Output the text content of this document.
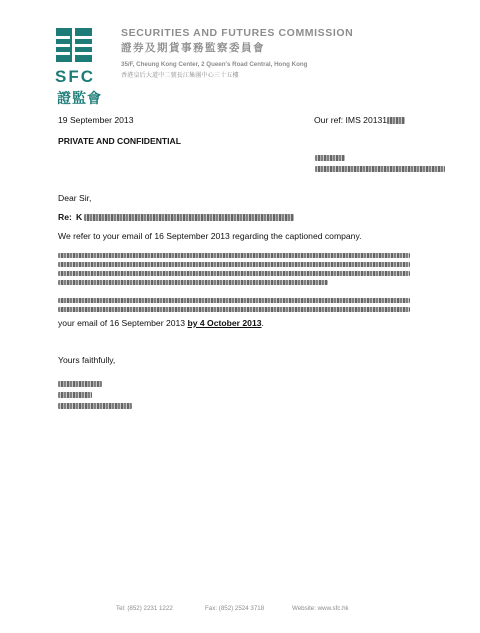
SFC
證監會
SECURITIES AND FUTURES COMMISSION
證券及期貨事務監察委員會
35/F, Cheung Kong Center, 2 Queen's Road Central, Hong Kong
香港皇后大道中二號長江集團中心三十五樓
19 September 2013	Our ref: IMS 20131
PRIVATE AND CONFIDENTIAL
Dear Sir,
Re: K
We refer to your email of 16 September 2013 regarding the captioned company.
your email of 16 September 2013 by 4 October 2013.
Yours faithfully,
Tel: (852) 2231 1222	Fax: (852) 2524 3718	Website: www.sfc.hk
